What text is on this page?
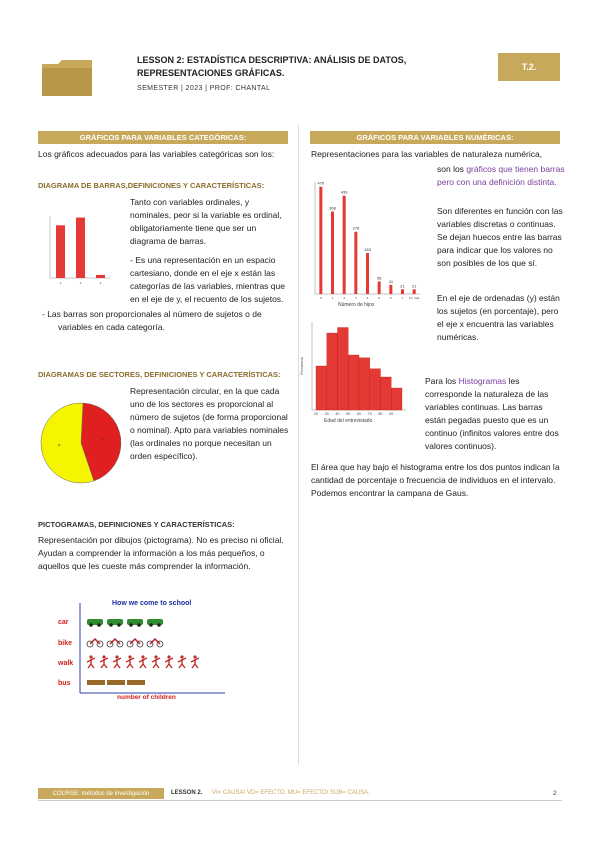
LESSON 2: ESTADÍSTICA DESCRIPTIVA: ANÁLISIS DE DATOS, REPRESENTACIONES GRÁFICAS.
T.2.
SEMESTER | 2023 | PROF: CHANTAL
GRÁFICOS PARA VARIABLES CATEGÓRICAS:
Los gráficos adecuados para las variables categóricas son los:
DIAGRAMA DE BARRAS,DEFINICIONES Y CARACTERÍSTICAS:
1	2	3
Tanto con variables ordinales, y nominales, peor si la variable es ordinal, obligatoriamente tiene que ser un diagrama de barras.
- Es una representación en un espacio cartesiano, donde en el eje x están las categorías de las variables, mientras que en el eje de y, el recuento de los sujetos.
- Las barras son proporcionales al número de sujetos o de variables en cada categoría.
DIAGRAMAS DE SECTORES, DEFINICIONES Y CARACTERÍSTICAS:
A
B
Representación circular, en la que cada uno de los sectores es proporcional al número de sujetos (de forma proporcional o nominal). Apto para variables nominales (las ordinales no porque necesitan un orden específico).
PICTOGRAMAS, DEFINICIONES Y CARACTERÍSTICAS:
Representación por dibujos (pictograma). No es preciso ni oficial. Ayudan a comprender la información a los más pequeños, o aquellos que les cueste más comprender la información.
How we come to school
car
bike
walk
bus
number of children
GRÁFICOS PARA VARIABLES NUMÉRICAS:
Representaciones para las variables de naturaleza numérica,
479
0
368
1
439
2
278
3
183
4
56
5
41
6
21
7
21
8 o más
Número de hijos
son los gráficos que tienen barras pero con una definición distinta.
Son diferentes en función con las variables discretas o continuas. Se dejan huecos entre las barras para indicar que los valores no son posibles de los que sí.
En el eje de ordenadas (y) están los sujetos (en porcentaje), pero el eje x encuentra las variables numéricas.
20 30 40 50 60 70 80 90
Frecuencia
Edad del entrevistado
Para los Histogramas les corresponde la naturaleza de las variables continuas. Las barras están pegadas puesto que es un continuo (infinitos valores entre dos valores continuos).
El área que hay bajo el histograma entre los dos puntos indican la cantidad de porcentaje o frecuencia de individuos en el intervalo. Podemos encontrar la campana de Gaus.
COURSE: métodos de investigación	LESSON 2. VI= CAUSA/ VD= EFECTO. MU= EFECTO/ SUB= CAUSA.	2
